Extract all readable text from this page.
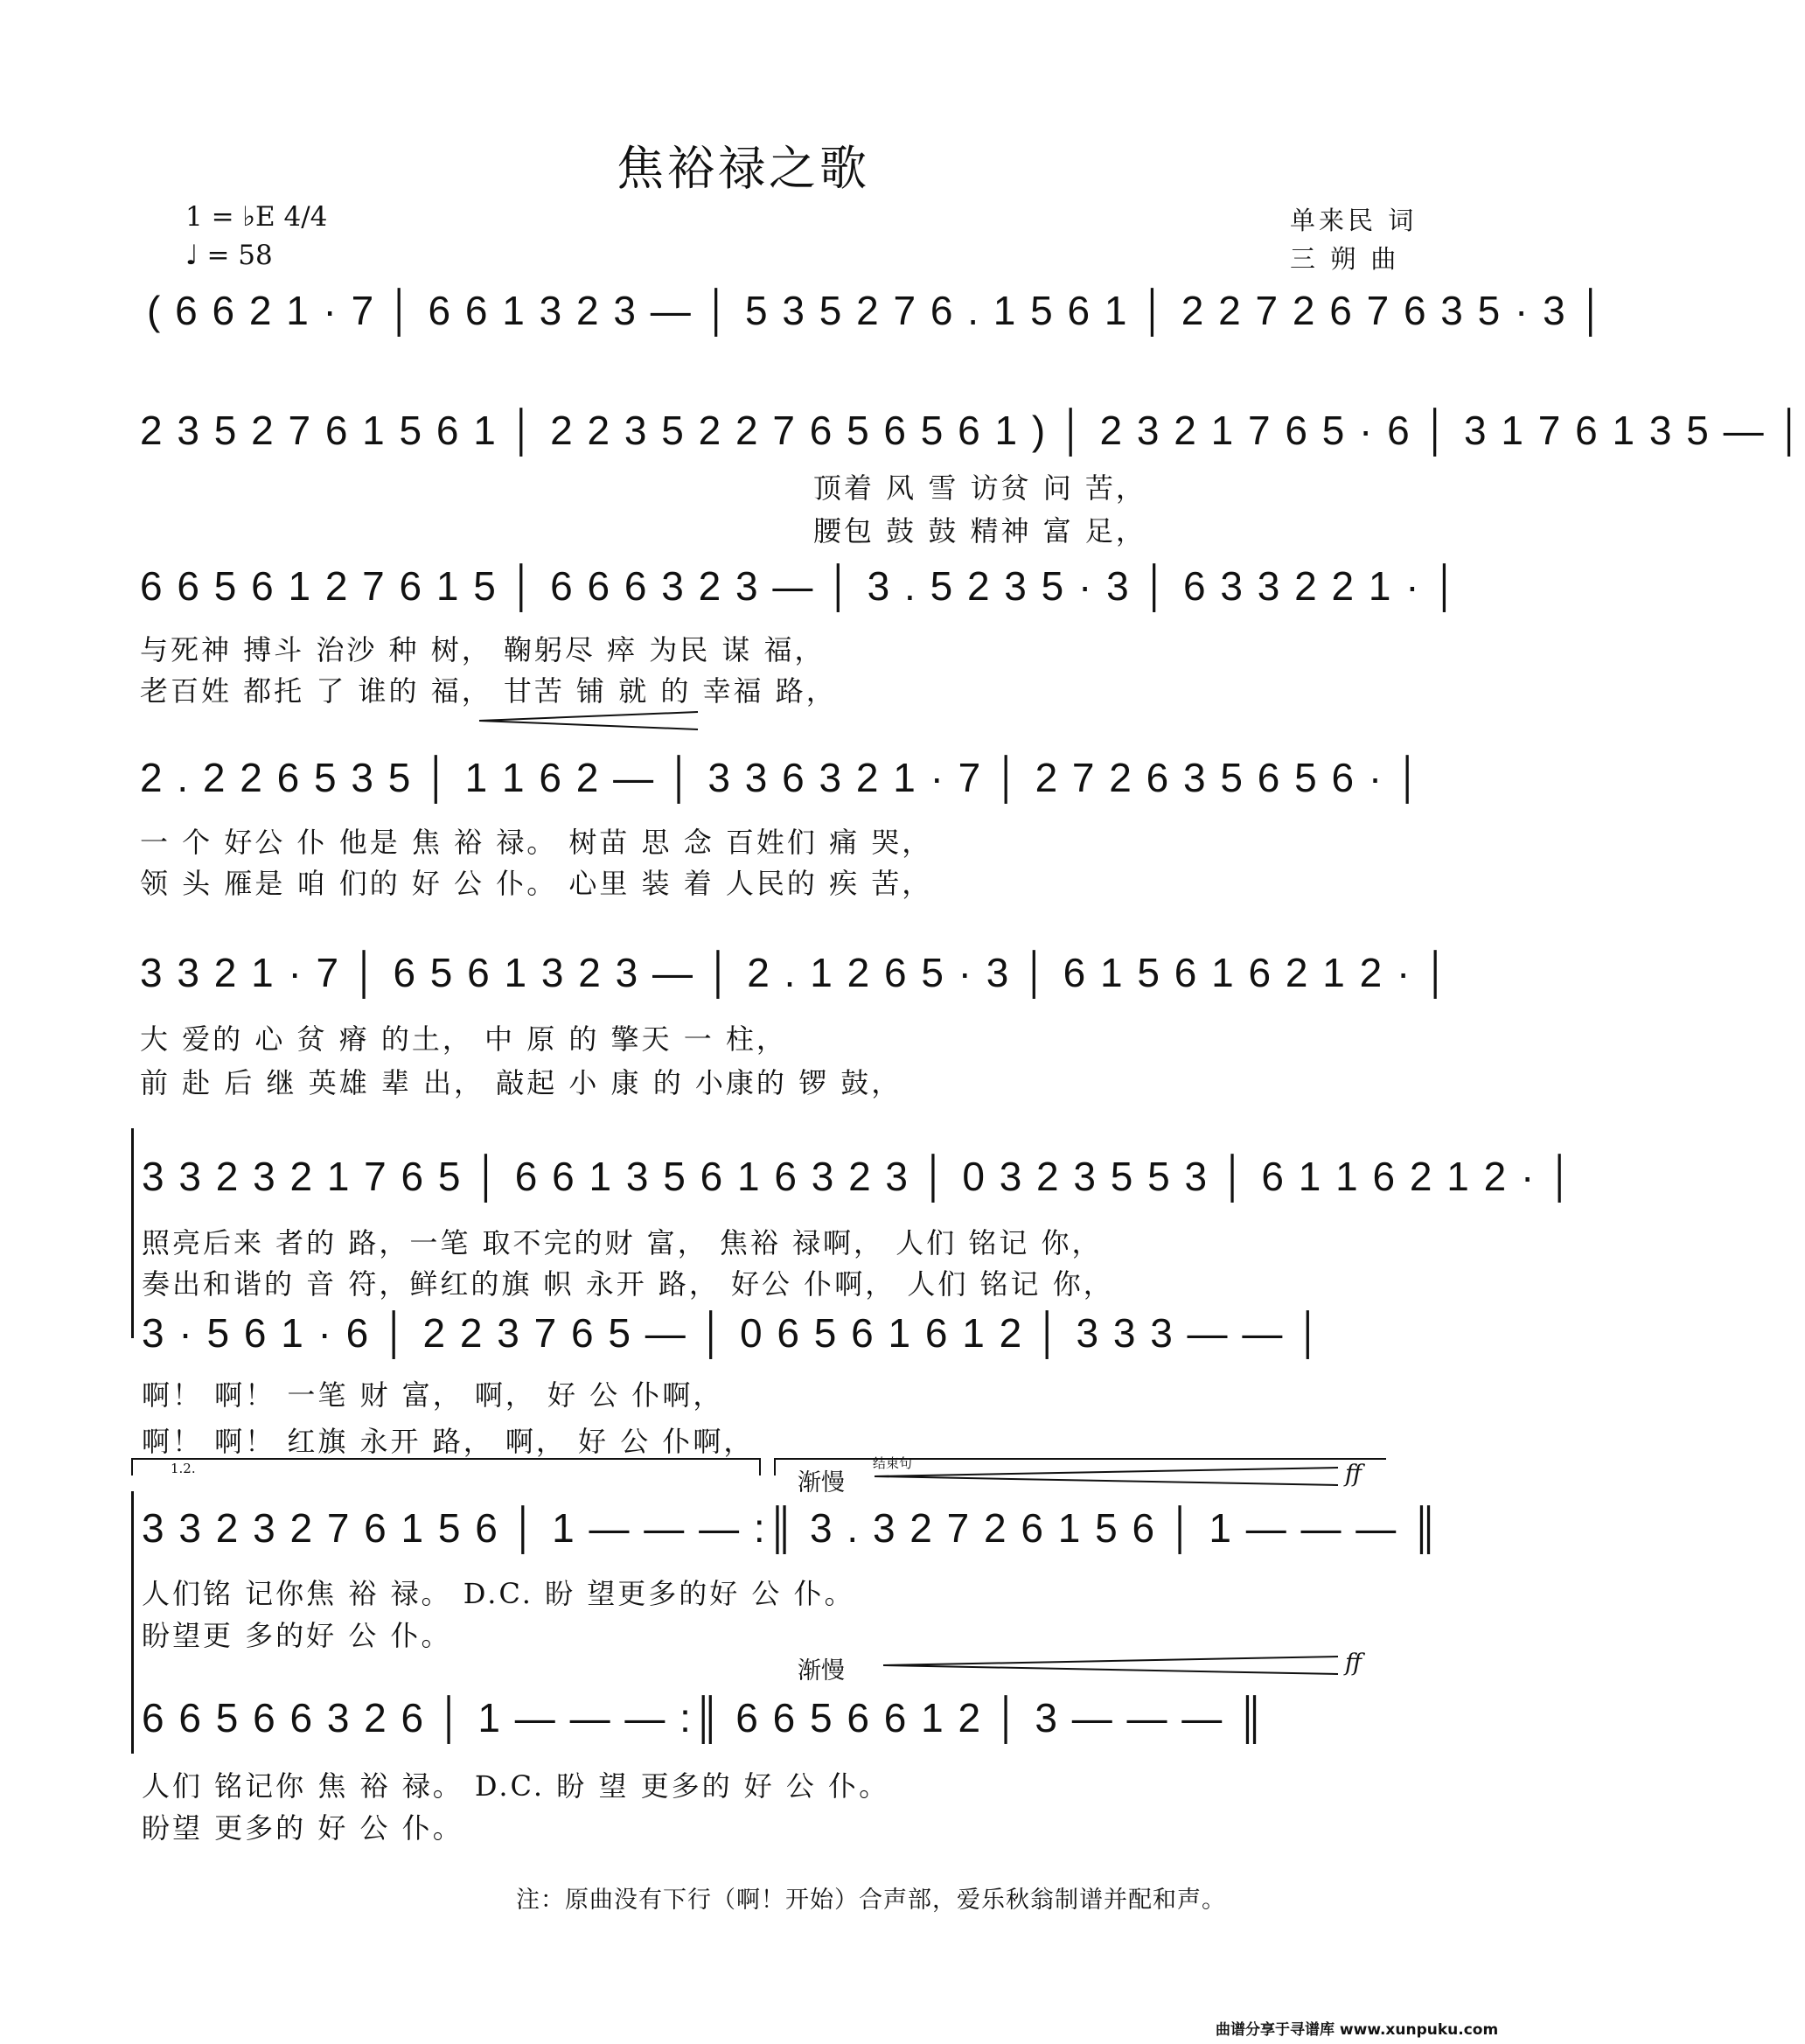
焦裕禄之歌
1 = ♭E 4/4
♩ = 58
单来民 词
三 朔 曲
( 6 6 2 1 · 7 │ 6 6 1 3 2 3 — │ 5 3 5 2 7 6 . 1 5 6 1 │ 2 2 7 2 6 7 6 3 5 · 3 │
2 3 5 2 7 6 1 5 6 1 │ 2 2 3 5 2 2 7 6 5 6 5 6 1 ) │ 2 3 2 1 7 6 5 · 6 │ 3 1 7 6 1 3 5 — │
顶着 风 雪 访贫 问 苦，
腰包 鼓 鼓 精神 富 足，
6 6 5 6 1 2 7 6 1 5 │ 6 6 6 3 2 3 — │ 3 . 5 2 3 5 · 3 │ 6 3 3 2 2 1 · │
与死神 搏斗 治沙 种 树， 鞠躬尽 瘁 为民 谋 福，
老百姓 都托 了 谁的 福， 甘苦 铺 就 的 幸福 路，
2 . 2 2 6 5 3 5 │ 1 1 6 2 — │ 3 3 6 3 2 1 · 7 │ 2 7 2 6 3 5 6 5 6 · │
一 个 好公 仆 他是 焦 裕 禄。 树苗 思 念 百姓们 痛 哭，
领 头 雁是 咱 们的 好 公 仆。 心里 装 着 人民的 疾 苦，
3 3 2 1 · 7 │ 6 5 6 1 3 2 3 — │ 2 . 1 2 6 5 · 3 │ 6 1 5 6 1 6 2 1 2 · │
大 爱的 心 贫 瘠 的土， 中 原 的 擎天 一 柱，
前 赴 后 继 英雄 辈 出， 敲起 小 康 的 小康的 锣 鼓，
3 3 2 3 2 1 7 6 5 │ 6 6 1 3 5 6 1 6 3 2 3 │ 0 3 2 3 5 5 3 │ 6 1 1 6 2 1 2 · │
照亮后来 者的 路，一笔 取不完的财 富， 焦裕 禄啊， 人们 铭记 你，
奏出和谐的 音 符，鲜红的旗 帜 永开 路， 好公 仆啊， 人们 铭记 你，
3 · 5 6 1 · 6 │ 2 2 3 7 6 5 — │ 0 6 5 6 1 6 1 2 │ 3 3 3 — — │
啊！ 啊！ 一笔 财 富， 啊， 好 公 仆啊，
啊！ 啊！ 红旗 永开 路， 啊， 好 公 仆啊，
1.2.	结束句
渐慢	ff
3 3 2 3 2 7 6 1 5 6 │ 1 — — — :║ 3 . 3 2 7 2 6 1 5 6 │ 1 — — — ║
人们铭 记你焦 裕 禄。 D.C. 盼 望更多的好 公 仆。
盼望更 多的好 公 仆。
渐慢	ff
6 6 5 6 6 3 2 6 │ 1 — — — :║ 6 6 5 6 6 1 2 │ 3 — — — ║
人们 铭记你 焦 裕 禄。 D.C. 盼 望 更多的 好 公 仆。
盼望 更多的 好 公 仆。
注：原曲没有下行（啊！开始）合声部，爱乐秋翁制谱并配和声。
曲谱分享于寻谱库 www.xunpuku.com
